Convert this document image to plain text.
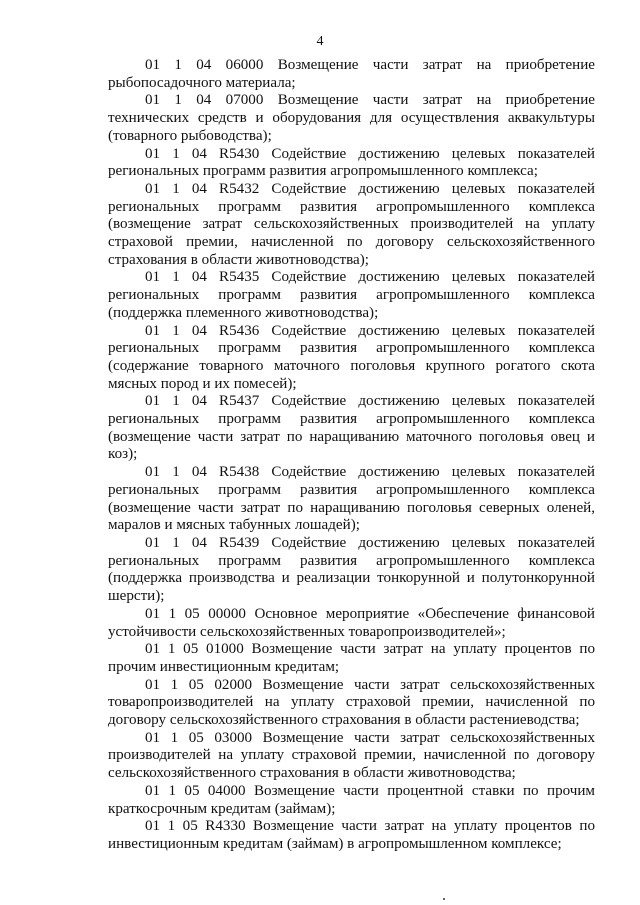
4

01 1 04 06000 Возмещение части затрат на приобретение рыбопосадочного материала;

01 1 04 07000 Возмещение части затрат на приобретение технических средств и оборудования для осуществления аквакультуры (товарного рыбоводства);

01 1 04 R5430 Содействие достижению целевых показателей региональных программ развития агропромышленного комплекса;

01 1 04 R5432 Содействие достижению целевых показателей региональных программ развития агропромышленного комплекса (возмещение затрат сельскохозяйственных производителей на уплату страховой премии, начисленной по договору сельскохозяйственного страхования в области животноводства);

01 1 04 R5435 Содействие достижению целевых показателей региональных программ развития агропромышленного комплекса (поддержка племенного животноводства);

01 1 04 R5436 Содействие достижению целевых показателей региональных программ развития агропромышленного комплекса (содержание товарного маточного поголовья крупного рогатого скота мясных пород и их помесей);

01 1 04 R5437 Содействие достижению целевых показателей региональных программ развития агропромышленного комплекса (возмещение части затрат по наращиванию маточного поголовья овец и коз);

01 1 04 R5438 Содействие достижению целевых показателей региональных программ развития агропромышленного комплекса (возмещение части затрат по наращиванию поголовья северных оленей, маралов и мясных табунных лошадей);

01 1 04 R5439 Содействие достижению целевых показателей региональных программ развития агропромышленного комплекса (поддержка производства и реализации тонкорунной и полутонкорунной шерсти);

01 1 05 00000 Основное мероприятие «Обеспечение финансовой устойчивости сельскохозяйственных товаропроизводителей»;

01 1 05 01000 Возмещение части затрат на уплату процентов по прочим инвестиционным кредитам;

01 1 05 02000 Возмещение части затрат сельскохозяйственных товаропроизводителей на уплату страховой премии, начисленной по договору сельскохозяйственного страхования в области растениеводства;

01 1 05 03000 Возмещение части затрат сельскохозяйственных производителей на уплату страховой премии, начисленной по договору сельскохозяйственного страхования в области животноводства;

01 1 05 04000 Возмещение части процентной ставки по прочим краткосрочным кредитам (займам);

01 1 05 R4330 Возмещение части затрат на уплату процентов по инвестиционным кредитам (займам) в агропромышленном комплексе;
